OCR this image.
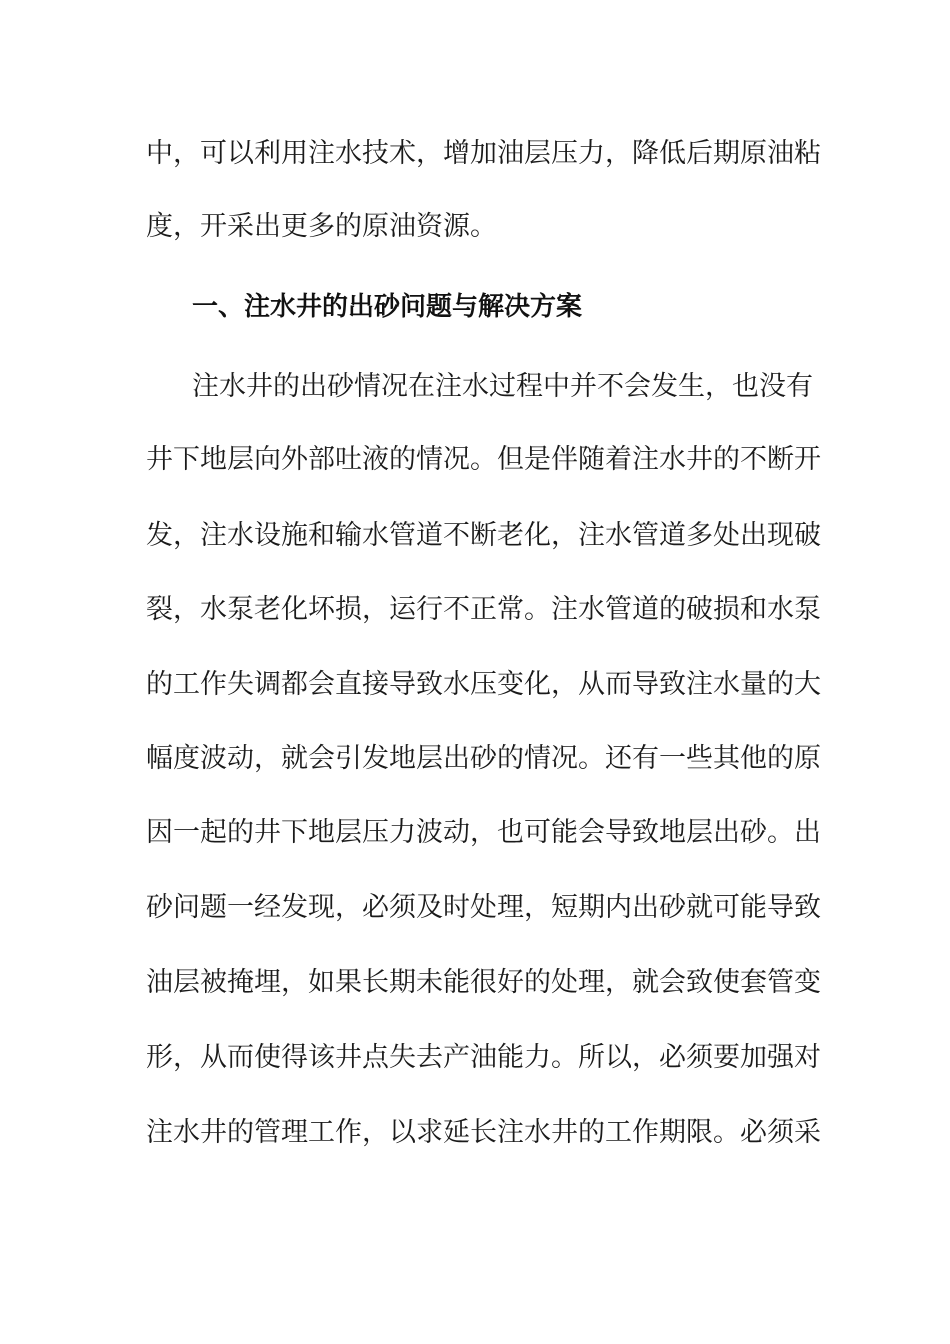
中，可以利用注水技术，增加油层压力，降低后期原油粘
度，开采出更多的原油资源。
一、注水井的出砂问题与解决方案
注水井的出砂情况在注水过程中并不会发生，也没有
井下地层向外部吐液的情况。但是伴随着注水井的不断开
发，注水设施和输水管道不断老化，注水管道多处出现破
裂，水泵老化坏损，运行不正常。注水管道的破损和水泵
的工作失调都会直接导致水压变化，从而导致注水量的大
幅度波动，就会引发地层出砂的情况。还有一些其他的原
因一起的井下地层压力波动，也可能会导致地层出砂。出
砂问题一经发现，必须及时处理，短期内出砂就可能导致
油层被掩埋，如果长期未能很好的处理，就会致使套管变
形，从而使得该井点失去产油能力。所以，必须要加强对
注水井的管理工作，以求延长注水井的工作期限。必须采
